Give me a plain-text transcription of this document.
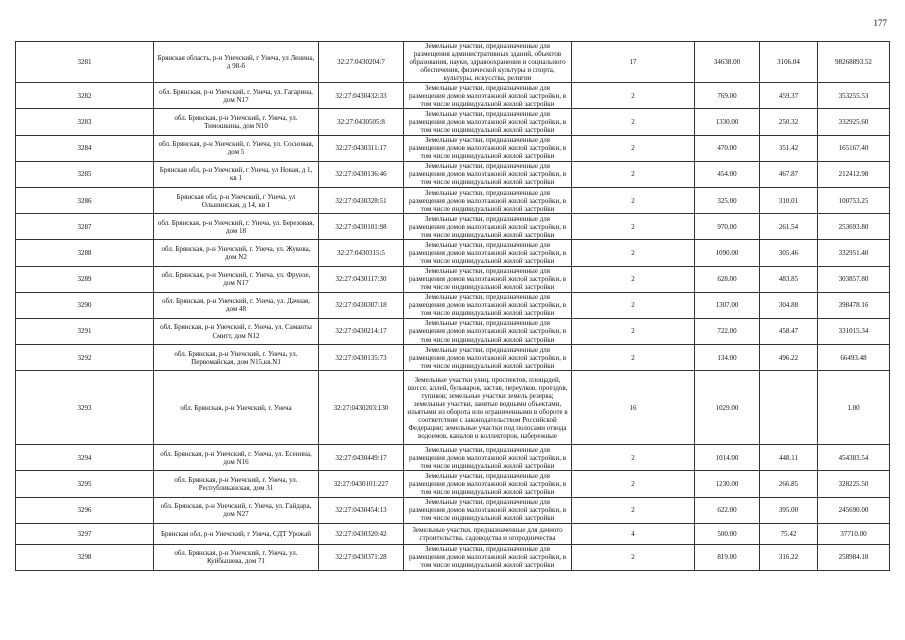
177
3281	Брянская область, р-н Унечский, г Унеча, ул Ленина, д 98-б	32:27:0430204:7	Земельные участки, предназначенные для размещения административных зданий, объектов образования, науки, здравоохранения и социального обеспечения, физической культуры и спорта, культуры, искусства, религии	17	34638.00	3106.04	98268893.52
3282	обл. Брянская, р-н Унечский, г. Унеча, ул. Гагарина, дом N17	32:27:0430432:33	Земельные участки, предназначенные для размещения домов малоэтажной жилой застройки, в том числе индивидуальной жилой застройки	2	769.00	459.37	353255.53
3283	обл. Брянская, р-н Унечский, г. Унеча, ул. Тимошкина, дом N10	32:27:0430505:8	Земельные участки, предназначенные для размещения домов малоэтажной жилой застройки, в том числе индивидуальной жилой застройки	2	1330.00	250.32	332925.60
3284	обл. Брянская, р-н Унечский, г. Унеча, ул. Сосновая, дом 5	32:27:0430311:17	Земельные участки, предназначенные для размещения домов малоэтажной жилой застройки, в том числе индивидуальной жилой застройки	2	470.00	351.42	165167.40
3285	Брянская обл, р-н Унечский, г Унеча, ул Новая, д 1, кв 1	32:27:0430136:46	Земельные участки, предназначенные для размещения домов малоэтажной жилой застройки, в том числе индивидуальной жилой застройки	2	454.00	467.87	212412.98
3286	Брянская обл, р-н Унечский, г Унеча, ул Ольшинская, д 14, кв 1	32:27:0430328:51	Земельные участки, предназначенные для размещения домов малоэтажной жилой застройки, в том числе индивидуальной жилой застройки	2	325.00	310.01	100753.25
3287	обл. Брянская, р-н Унечский, г. Унеча, ул. Березовая, дом 18	32:27:0430101:98	Земельные участки, предназначенные для размещения домов малоэтажной жилой застройки, в том числе индивидуальной жилой застройки	2	970.00	261.54	253693.80
3288	обл. Брянская, р-н Унечский, г. Унеча, ул. Жукова, дом N2	32:27:0430315:5	Земельные участки, предназначенные для размещения домов малоэтажной жилой застройки, в том числе индивидуальной жилой застройки	2	1090.00	305.46	332951.40
3289	обл. Брянская, р-н Унечский, г. Унеча, ул. Фрунзе, дом N17	32:27:0430117:30	Земельные участки, предназначенные для размещения домов малоэтажной жилой застройки, в том числе индивидуальной жилой застройки	2	628.00	483.85	303857.80
3290	обл. Брянская, р-н Унечский, г. Унеча, ул. Дачная, дом 48	32:27:0430307:18	Земельные участки, предназначенные для размещения домов малоэтажной жилой застройки, в том числе индивидуальной жилой застройки	2	1307.00	304.88	398478.16
3291	обл. Брянская, р-н Унечский, г. Унеча, ул. Саманты Смитт, дом N12	32:27:0430214:17	Земельные участки, предназначенные для размещения домов малоэтажной жилой застройки, в том числе индивидуальной жилой застройки	2	722.00	458.47	331015.34
3292	обл. Брянская, р-н Унечский, г. Унеча, ул. Первомайская, дом N15,кв.N1	32:27:0430135:73	Земельные участки, предназначенные для размещения домов малоэтажной жилой застройки, в том числе индивидуальной жилой застройки	2	134.00	496.22	66493.48
3293	обл. Брянская, р-н Унечский, г. Унеча	32:27:0430203:130	Земельные участки улиц, проспектов, площадей, шоссе, аллей, бульваров, застав, переулков, проездов, тупиков; земельные участки земель резерва; земельные участки, занятые водными объектами, изъятыми из оборота или ограниченными в обороте в соответствии с законодательством Российской Федерации; земельные участки под полосами отвода водоемов, каналов и коллекторов, набережные	16	1029.00		1.00
3294	обл. Брянская, р-н Унечский, г. Унеча, ул. Есенина, дом N16	32:27:0430449:17	Земельные участки, предназначенные для размещения домов малоэтажной жилой застройки, в том числе индивидуальной жилой застройки	2	1014.00	448.11	454383.54
3295	обл. Брянская, р-н Унечский, г. Унеча, ул. Республиканская, дом 31	32:27:0430101:227	Земельные участки, предназначенные для размещения домов малоэтажной жилой застройки, в том числе индивидуальной жилой застройки	2	1230.00	266.85	328225.50
3296	обл. Брянская, р-н Унечский, г. Унеча, ул. Гайдара, дом N27	32:27:0430454:13	Земельные участки, предназначенные для размещения домов малоэтажной жилой застройки, в том числе индивидуальной жилой застройки	2	622.00	395.00	245690.00
3297	Брянская обл, р-н Унечский, г Унеча, СДТ Урожай	32:27:0430320:42	Земельные участки, предназначенные для дачного строительства, садоводства и огородничества	4	500.00	75.42	37710.00
3298	обл. Брянская, р-н Унечский, г. Унеча, ул. Куйбышева, дом 71	32:27:0430371:28	Земельные участки, предназначенные для размещения домов малоэтажной жилой застройки, в том числе индивидуальной жилой застройки	2	819.00	316.22	258984.18
